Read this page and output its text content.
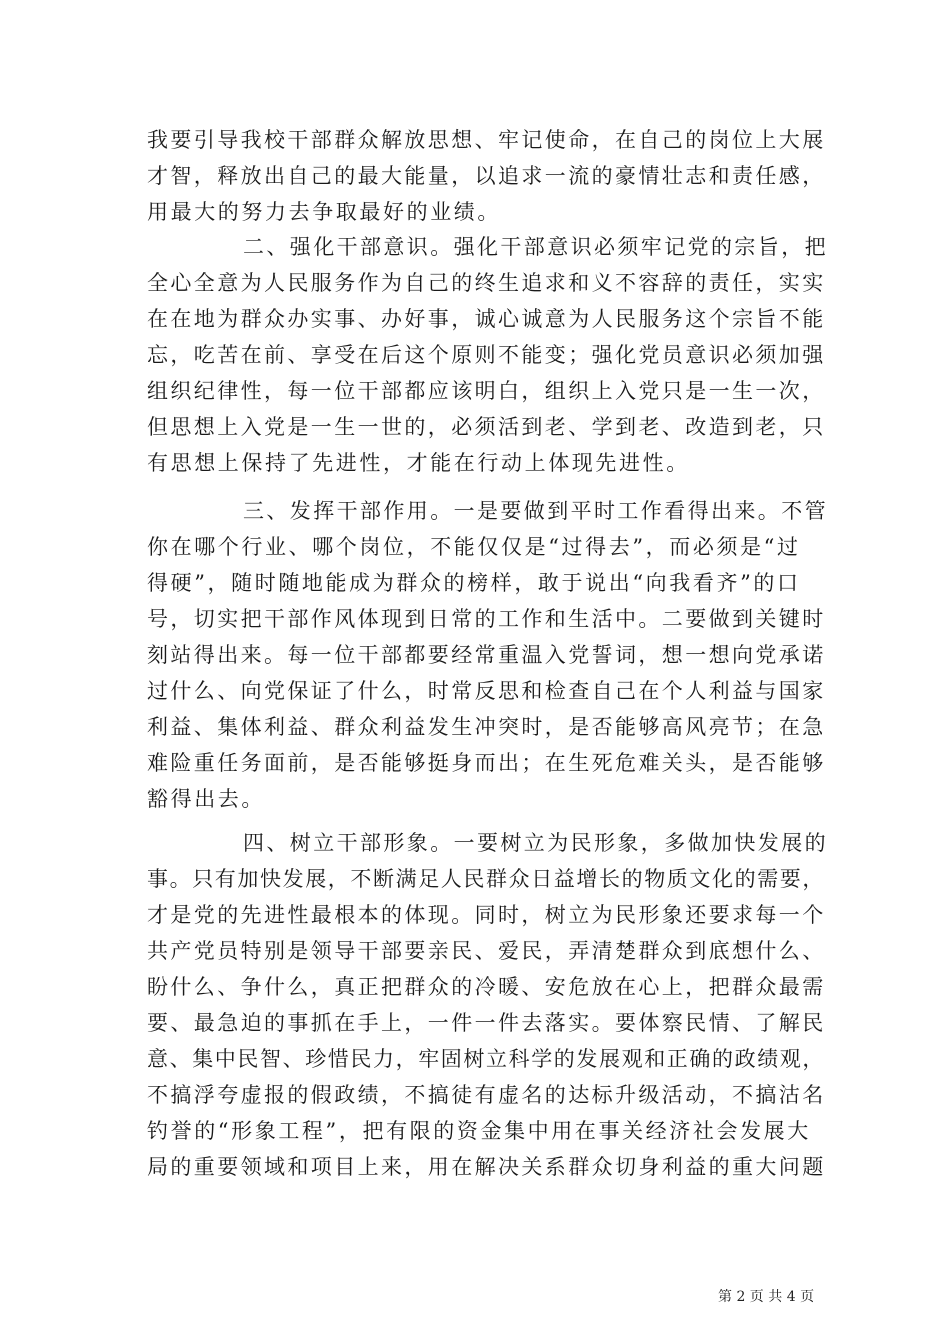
我要引导我校干部群众解放思想、牢记使命，在自己的岗位上大展
才智，释放出自己的最大能量，以追求一流的豪情壮志和责任感，
用最大的努力去争取最好的业绩。
二、强化干部意识。强化干部意识必须牢记党的宗旨，把
全心全意为人民服务作为自己的终生追求和义不容辞的责任，实实
在在地为群众办实事、办好事，诚心诚意为人民服务这个宗旨不能
忘，吃苦在前、享受在后这个原则不能变；强化党员意识必须加强
组织纪律性，每一位干部都应该明白，组织上入党只是一生一次，
但思想上入党是一生一世的，必须活到老、学到老、改造到老，只
有思想上保持了先进性，才能在行动上体现先进性。
三、发挥干部作用。一是要做到平时工作看得出来。不管
你在哪个行业、哪个岗位，不能仅仅是“过得去”，而必须是“过
得硬”，随时随地能成为群众的榜样，敢于说出“向我看齐”的口
号，切实把干部作风体现到日常的工作和生活中。二要做到关键时
刻站得出来。每一位干部都要经常重温入党誓词，想一想向党承诺
过什么、向党保证了什么，时常反思和检查自己在个人利益与国家
利益、集体利益、群众利益发生冲突时，是否能够高风亮节；在急
难险重任务面前，是否能够挺身而出；在生死危难关头，是否能够
豁得出去。
四、树立干部形象。一要树立为民形象，多做加快发展的
事。只有加快发展，不断满足人民群众日益增长的物质文化的需要，
才是党的先进性最根本的体现。同时，树立为民形象还要求每一个
共产党员特别是领导干部要亲民、爱民，弄清楚群众到底想什么、
盼什么、争什么，真正把群众的冷暖、安危放在心上，把群众最需
要、最急迫的事抓在手上，一件一件去落实。要体察民情、了解民
意、集中民智、珍惜民力，牢固树立科学的发展观和正确的政绩观，
不搞浮夸虚报的假政绩，不搞徒有虚名的达标升级活动，不搞沽名
钓誉的“形象工程”，把有限的资金集中用在事关经济社会发展大
局的重要领域和项目上来，用在解决关系群众切身利益的重大问题
第 2 页 共 4 页
